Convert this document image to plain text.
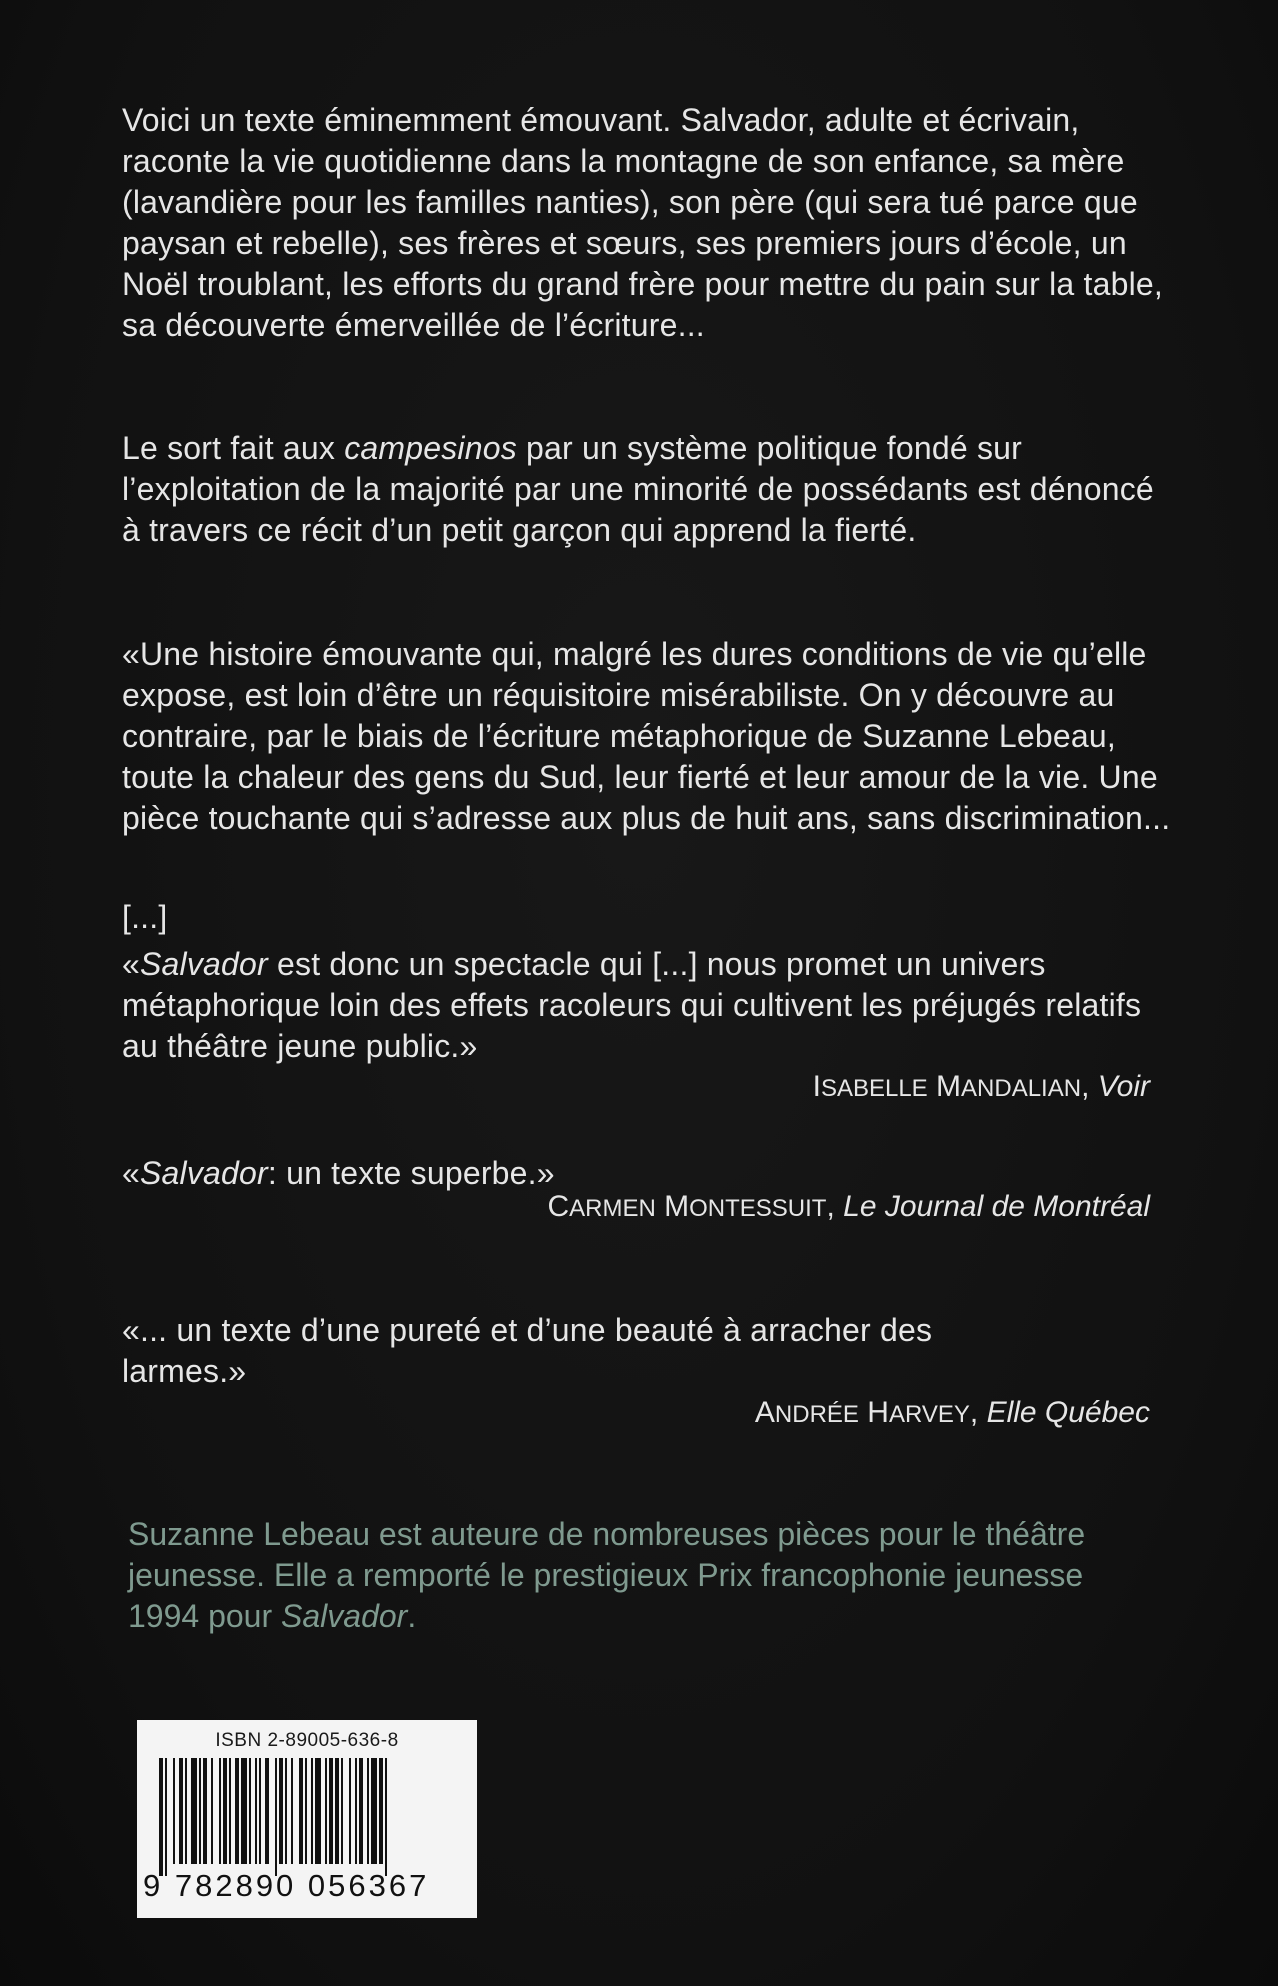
Voici un texte éminemment émouvant. Salvador, adulte et écrivain, raconte la vie quotidienne dans la montagne de son enfance, sa mère (lavandière pour les familles nanties), son père (qui sera tué parce que paysan et rebelle), ses frères et sœurs, ses premiers jours d’école, un Noël troublant, les efforts du grand frère pour mettre du pain sur la table, sa découverte émerveillée de l’écriture...

Le sort fait aux campesinos par un système politique fondé sur l’exploitation de la majorité par une minorité de possédants est dénoncé à travers ce récit d’un petit garçon qui apprend la fierté.

«Une histoire émouvante qui, malgré les dures conditions de vie qu’elle expose, est loin d’être un réquisitoire misérabiliste. On y découvre au contraire, par le biais de l’écriture métaphorique de Suzanne Lebeau, toute la chaleur des gens du Sud, leur fierté et leur amour de la vie. Une pièce touchante qui s’adresse aux plus de huit ans, sans discrimination...

[...]

«Salvador est donc un spectacle qui [...] nous promet un univers métaphorique loin des effets racoleurs qui cultivent les préjugés relatifs au théâtre jeune public.»

ISABELLE MANDALIAN, Voir

«Salvador: un texte superbe.»

CARMEN MONTESSUIT, Le Journal de Montréal

«... un texte d’une pureté et d’une beauté à arracher des larmes.»

ANDRÉE HARVEY, Elle Québec

Suzanne Lebeau est auteure de nombreuses pièces pour le théâtre jeunesse. Elle a remporté le prestigieux Prix francophonie jeunesse 1994 pour Salvador.

ISBN 2-89005-636-8
9 782890 056367
